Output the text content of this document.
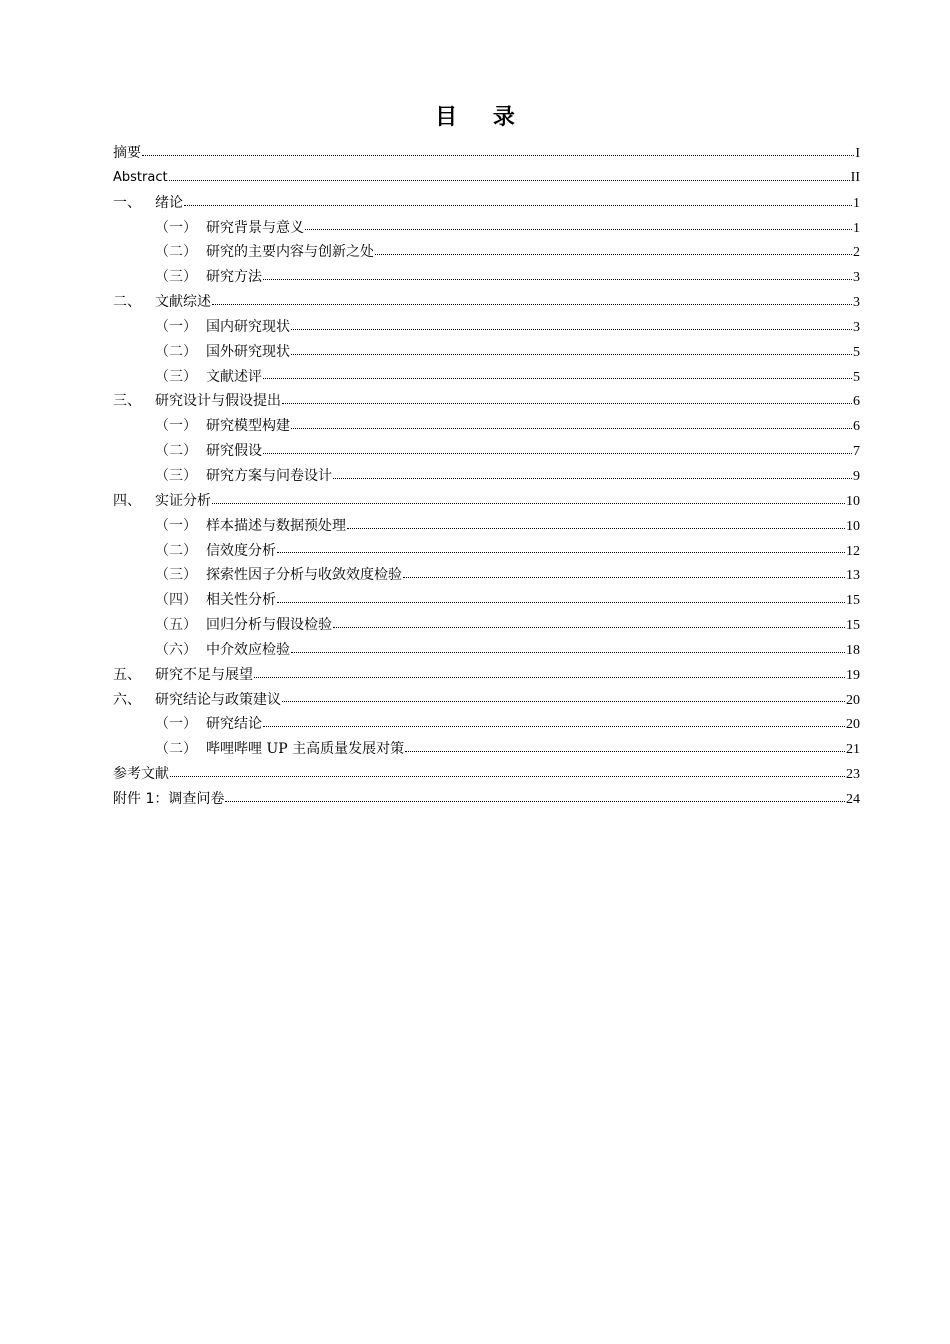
目 录
摘要	I
Abstract	II
一、	绪论	1
（一） 研究背景与意义	1
（二） 研究的主要内容与创新之处	2
（三） 研究方法	3
二、	文献综述	3
（一） 国内研究现状	3
（二） 国外研究现状	5
（三） 文献述评	5
三、	研究设计与假设提出	6
（一） 研究模型构建	6
（二） 研究假设	7
（三） 研究方案与问卷设计	9
四、	实证分析	10
（一） 样本描述与数据预处理	10
（二） 信效度分析	12
（三） 探索性因子分析与收敛效度检验	13
（四） 相关性分析	15
（五） 回归分析与假设检验	15
（六） 中介效应检验	18
五、	研究不足与展望	19
六、	研究结论与政策建议	20
（一） 研究结论	20
（二） 哔哩哔哩 UP 主高质量发展对策	21
参考文献	23
附件 1：调查问卷	24
